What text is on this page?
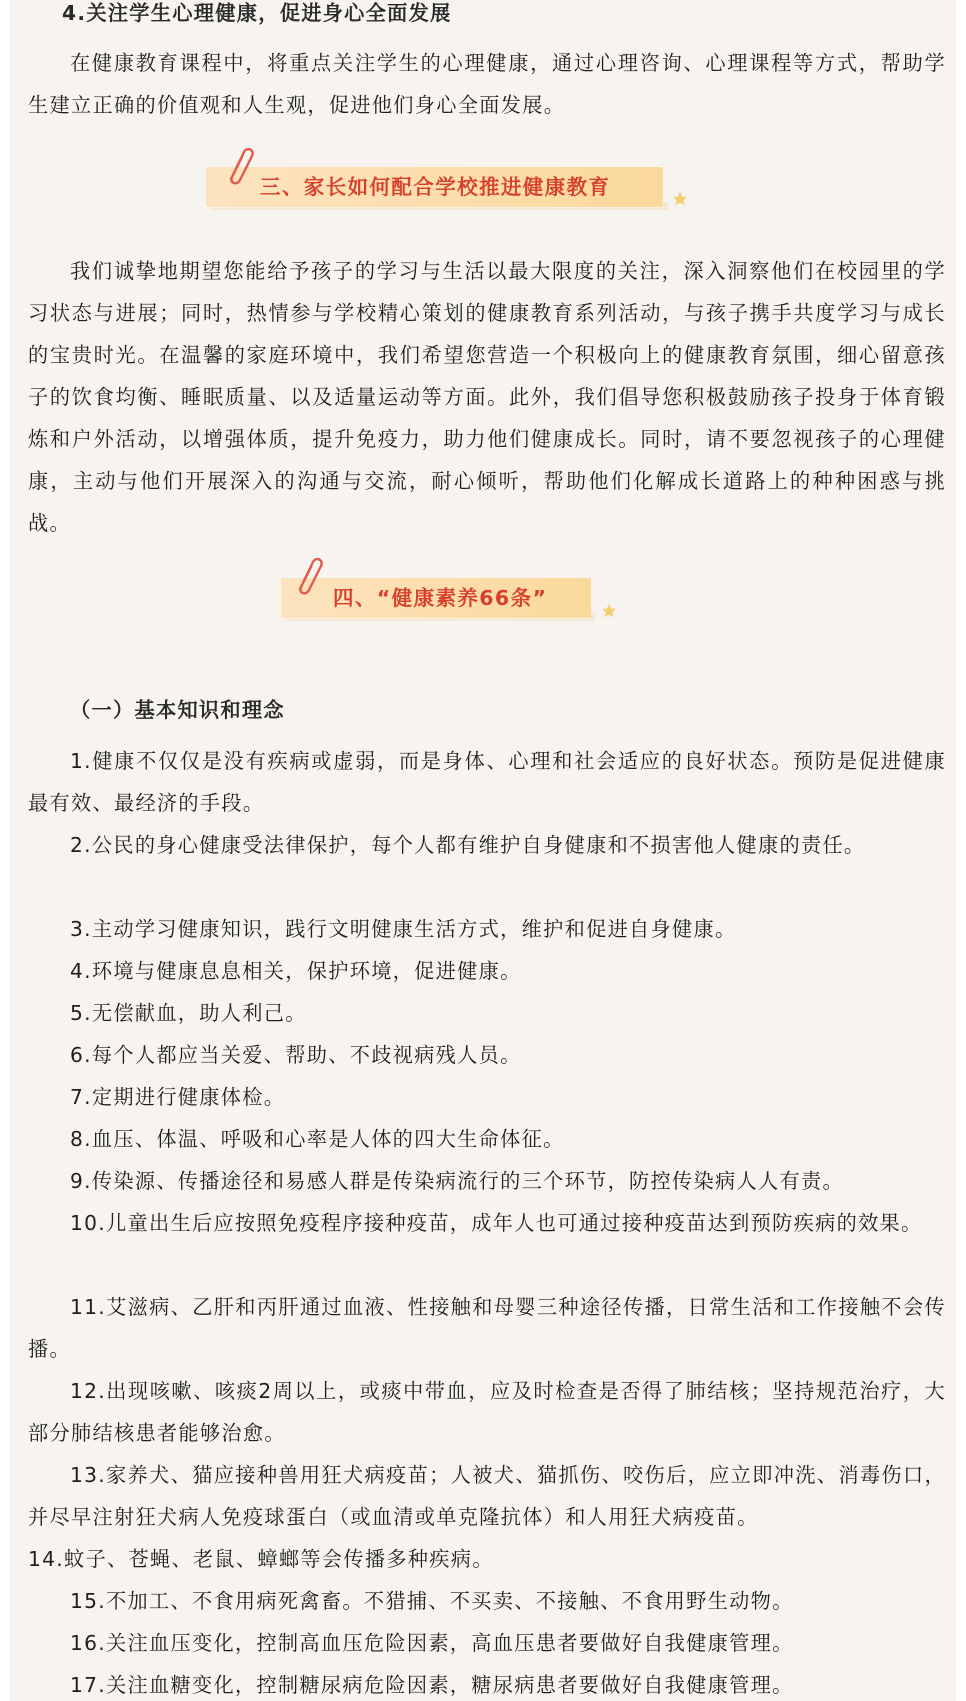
4.关注学生心理健康，促进身心全面发展

在健康教育课程中，将重点关注学生的心理健康，通过心理咨询、心理课程等方式，帮助学生建立正确的价值观和人生观，促进他们身心全面发展。

三、家长如何配合学校推进健康教育

我们诚挚地期望您能给予孩子的学习与生活以最大限度的关注，深入洞察他们在校园里的学习状态与进展；同时，热情参与学校精心策划的健康教育系列活动，与孩子携手共度学习与成长的宝贵时光。在温馨的家庭环境中，我们希望您营造一个积极向上的健康教育氛围，细心留意孩子的饮食均衡、睡眠质量、以及适量运动等方面。此外，我们倡导您积极鼓励孩子投身于体育锻炼和户外活动，以增强体质，提升免疫力，助力他们健康成长。同时，请不要忽视孩子的心理健康，主动与他们开展深入的沟通与交流，耐心倾听，帮助他们化解成长道路上的种种困惑与挑战。

四、“健康素养66条”
（一）基本知识和理念

1.健康不仅仅是没有疾病或虚弱，而是身体、心理和社会适应的良好状态。预防是促进健康最有效、最经济的手段。

2.公民的身心健康受法律保护，每个人都有维护自身健康和不损害他人健康的责任。

3.主动学习健康知识，践行文明健康生活方式，维护和促进自身健康。

4.环境与健康息息相关，保护环境，促进健康。

5.无偿献血，助人利己。

6.每个人都应当关爱、帮助、不歧视病残人员。

7.定期进行健康体检。

8.血压、体温、呼吸和心率是人体的四大生命体征。

9.传染源、传播途径和易感人群是传染病流行的三个环节，防控传染病人人有责。

10.儿童出生后应按照免疫程序接种疫苗，成年人也可通过接种疫苗达到预防疾病的效果。

11.艾滋病、乙肝和丙肝通过血液、性接触和母婴三种途径传播，日常生活和工作接触不会传播。

12.出现咳嗽、咳痰2周以上，或痰中带血，应及时检查是否得了肺结核；坚持规范治疗，大部分肺结核患者能够治愈。

13.家养犬、猫应接种兽用狂犬病疫苗；人被犬、猫抓伤、咬伤后，应立即冲洗、消毒伤口，并尽早注射狂犬病人免疫球蛋白（或血清或单克隆抗体）和人用狂犬病疫苗。

14.蚊子、苍蝇、老鼠、蟑螂等会传播多种疾病。

15.不加工、不食用病死禽畜。不猎捕、不买卖、不接触、不食用野生动物。

16.关注血压变化，控制高血压危险因素，高血压患者要做好自我健康管理。

17.关注血糖变化，控制糖尿病危险因素，糖尿病患者要做好自我健康管理。
